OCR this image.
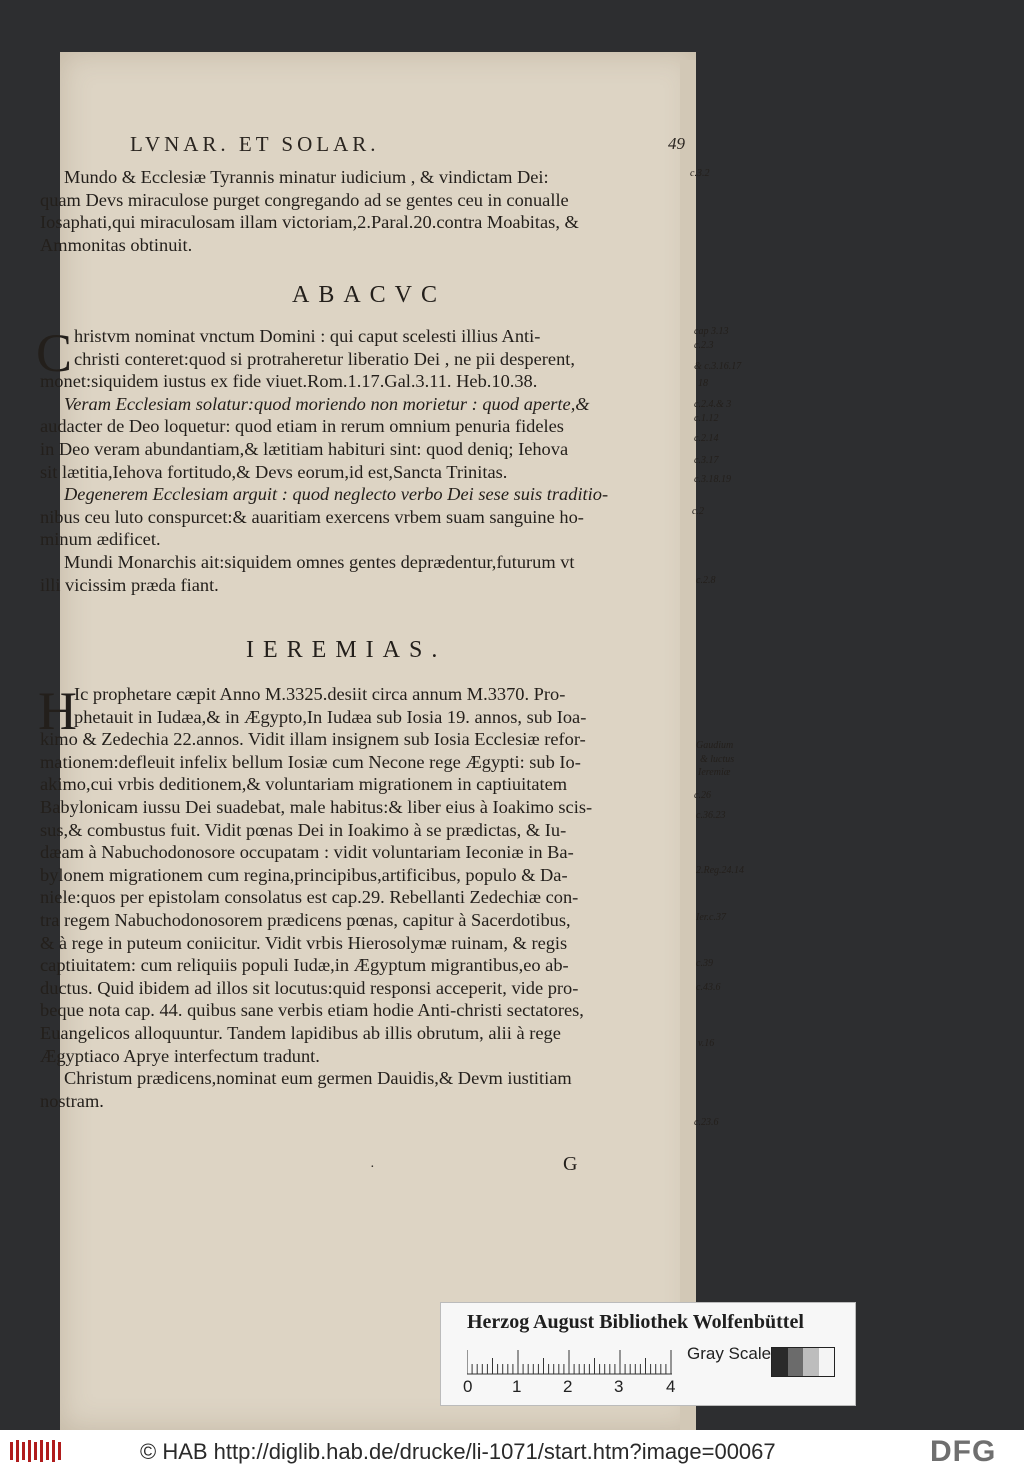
LVNAR. ET SOLAR.	49
Mundo & Ecclesiæ Tyrannis minatur iudicium , & vindictam Dei:
quam Devs miraculose purget congregando ad se gentes ceu in conualle
Iosaphati,qui miraculosam illam victoriam,2.Paral.20.contra Moabitas, &
Ammonitas obtinuit.
ABACVC
C hristvm nominat vnctum Domini : qui caput scelesti illius Anti-
christi conteret:quod si protraheretur liberatio Dei , ne pii desperent,
monet:siquidem iustus ex fide viuet.Rom.1.17.Gal.3.11. Heb.10.38.
Veram Ecclesiam solatur:quod moriendo non morietur : quod aperte,&
audacter de Deo loquetur: quod etiam in rerum omnium penuria fideles
in Deo veram abundantiam,& lætitiam habituri sint: quod deniq; Iehova
sit lætitia,Iehova fortitudo,& Devs eorum,id est,Sancta Trinitas.
Degenerem Ecclesiam arguit : quod neglecto verbo Dei sese suis traditio-
nibus ceu luto conspurcet:& auaritiam exercens vrbem suam sanguine ho-
minum ædificet.
Mundi Monarchis ait:siquidem omnes gentes deprædentur,futurum vt
illi vicissim præda fiant.
IEREMIAS.
H
Ic prophetare cæpit Anno M.3325.desiit circa annum M.3370. Pro-
phetauit in Iudæa,& in Ægypto,In Iudæa sub Iosia 19. annos, sub Ioa-
kimo & Zedechia 22.annos. Vidit illam insignem sub Iosia Ecclesiæ refor-
mationem:defleuit infelix bellum Iosiæ cum Necone rege Ægypti: sub Io-
akimo,cui vrbis deditionem,& voluntariam migrationem in captiuitatem
Babylonicam iussu Dei suadebat, male habitus:& liber eius à Ioakimo scis-
sus,& combustus fuit. Vidit pœnas Dei in Ioakimo à se prædictas, & Iu-
dæam à Nabuchodonosore occupatam : vidit voluntariam Ieconiæ in Ba-
bylonem migrationem cum regina,principibus,artificibus, populo & Da-
niele:quos per epistolam consolatus est cap.29. Rebellanti Zedechiæ con-
tra regem Nabuchodonosorem prædicens pœnas, capitur à Sacerdotibus,
& à rege in puteum coniicitur. Vidit vrbis Hierosolymæ ruinam, & regis
captiuitatem: cum reliquiis populi Iudæ,in Ægyptum migrantibus,eo ab-
ductus. Quid ibidem ad illos sit locutus:quid responsi acceperit, vide pro-
beque nota cap. 44. quibus sane verbis etiam hodie Anti-christi sectatores,
Euangelicos alloquuntur. Tandem lapidibus ab illis obrutum, alii à rege
Ægyptiaco Aprye interfectum tradunt.
Christum prædicens,nominat eum germen Dauidis,& Devm iustitiam
nostram.
c.3.2
cap 3.13
c.2.3
& c.3.16.17
18
c.2.4.& 3
c.1.12
c.2.14
c.3.17
c.3.18.19
c.2
c.2.8
Gaudium
& luctus
Ieremiæ
c.26
c.36.23
2.Reg.24.14
Ier.c.37
c.39
c.43.6
v.16
c.23.6
·	G
Herzog August Bibliothek Wolfenbüttel
0 1 2 3	4
Gray Scale
© HAB http://diglib.hab.de/drucke/li-1071/start.htm?image=00067	DFG
